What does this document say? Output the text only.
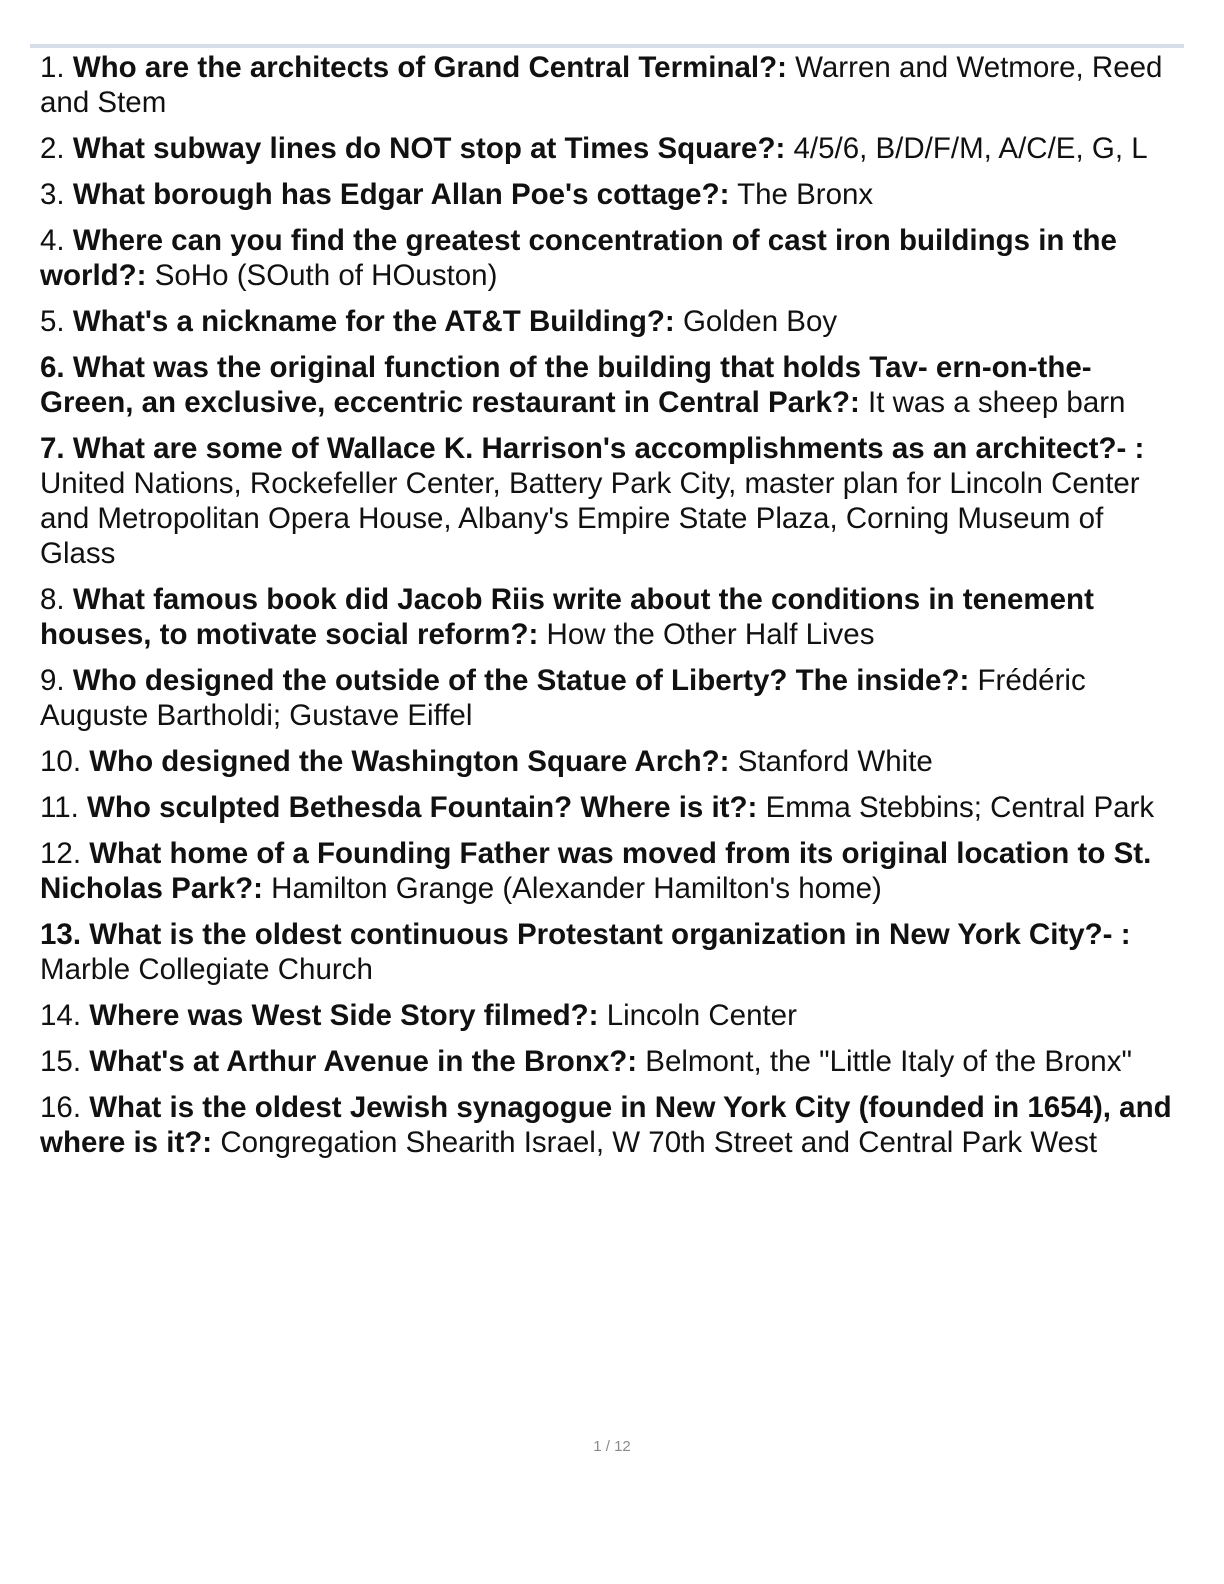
1. Who are the architects of Grand Central Terminal?: Warren and Wetmore, Reed and Stem
2. What subway lines do NOT stop at Times Square?: 4/5/6, B/D/F/M, A/C/E, G, L
3. What borough has Edgar Allan Poe's cottage?: The Bronx
4. Where can you find the greatest concentration of cast iron buildings in the world?: SoHo (SOuth of HOuston)
5. What's a nickname for the AT&T Building?: Golden Boy
6. What was the original function of the building that holds Tav- ern-on-the-Green, an exclusive, eccentric restaurant in Central Park?: It was a sheep barn
7. What are some of Wallace K. Harrison's accomplishments as an architect?- : United Nations, Rockefeller Center, Battery Park City, master plan for Lincoln Center and Metropolitan Opera House, Albany's Empire State Plaza, Corning Museum of Glass
8. What famous book did Jacob Riis write about the conditions in tenement houses, to motivate social reform?: How the Other Half Lives
9. Who designed the outside of the Statue of Liberty? The inside?: Frédéric Auguste Bartholdi; Gustave Eiffel
10. Who designed the Washington Square Arch?: Stanford White
11. Who sculpted Bethesda Fountain? Where is it?: Emma Stebbins; Central Park
12. What home of a Founding Father was moved from its original location to St. Nicholas Park?: Hamilton Grange (Alexander Hamilton's home)
13. What is the oldest continuous Protestant organization in New York City?- : Marble Collegiate Church
14. Where was West Side Story filmed?: Lincoln Center
15. What's at Arthur Avenue in the Bronx?: Belmont, the "Little Italy of the Bronx"
16. What is the oldest Jewish synagogue in New York City (founded in 1654), and where is it?: Congregation Shearith Israel, W 70th Street and Central Park West
1 / 12
